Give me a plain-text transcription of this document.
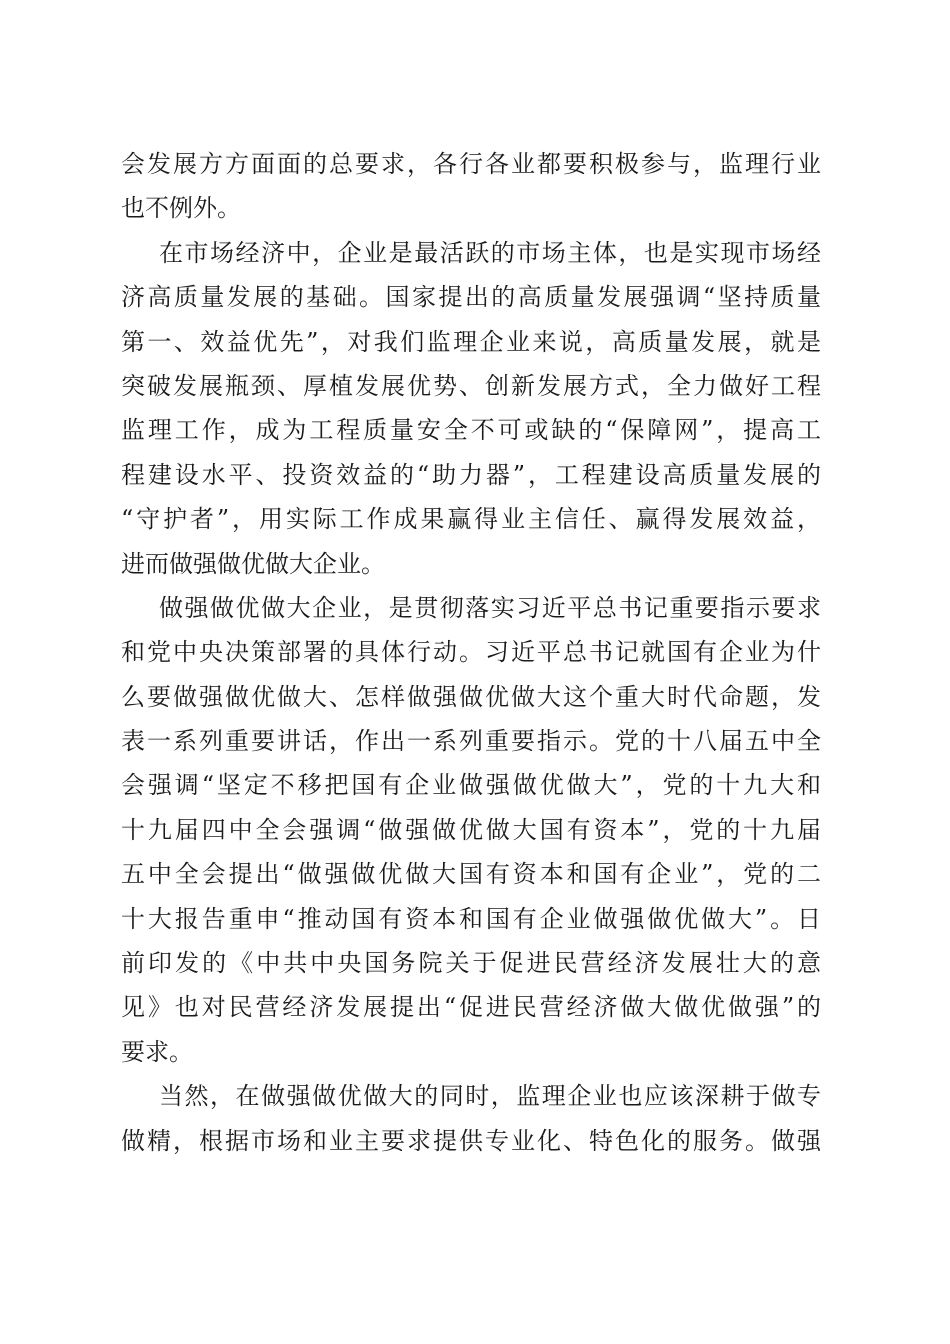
会发展方方面面的总要求，各行各业都要积极参与，监理行业
也不例外。
在市场经济中，企业是最活跃的市场主体，也是实现市场经
济高质量发展的基础。国家提出的高质量发展强调“坚持质量
第一、效益优先”，对我们监理企业来说，高质量发展，就是
突破发展瓶颈、厚植发展优势、创新发展方式，全力做好工程
监理工作，成为工程质量安全不可或缺的“保障网”，提高工
程建设水平、投资效益的“助力器”，工程建设高质量发展的
“守护者”，用实际工作成果赢得业主信任、赢得发展效益，
进而做强做优做大企业。
做强做优做大企业，是贯彻落实习近平总书记重要指示要求
和党中央决策部署的具体行动。习近平总书记就国有企业为什
么要做强做优做大、怎样做强做优做大这个重大时代命题，发
表一系列重要讲话，作出一系列重要指示。党的十八届五中全
会强调“坚定不移把国有企业做强做优做大”，党的十九大和
十九届四中全会强调“做强做优做大国有资本”，党的十九届
五中全会提出“做强做优做大国有资本和国有企业”，党的二
十大报告重申“推动国有资本和国有企业做强做优做大”。日
前印发的《中共中央国务院关于促进民营经济发展壮大的意
见》也对民营经济发展提出“促进民营经济做大做优做强”的
要求。
当然，在做强做优做大的同时，监理企业也应该深耕于做专
做精，根据市场和业主要求提供专业化、特色化的服务。做强
